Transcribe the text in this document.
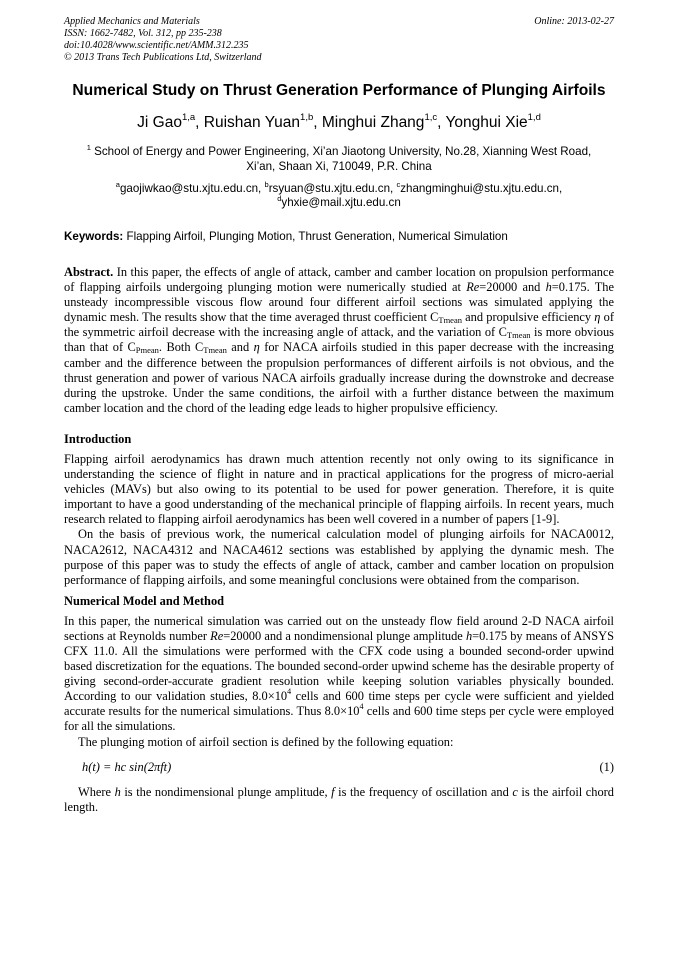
Applied Mechanics and Materials	Online: 2013-02-27
ISSN: 1662-7482, Vol. 312, pp 235-238
doi:10.4028/www.scientific.net/AMM.312.235
© 2013 Trans Tech Publications Ltd, Switzerland
Numerical Study on Thrust Generation Performance of Plunging Airfoils
Ji Gao$^{1,a}$, Ruishan Yuan$^{1,b}$, Minghui Zhang$^{1,c}$, Yonghui Xie$^{1,d}$
$^1$ School of Energy and Power Engineering, Xi’an Jiaotong University, No.28, Xianning West Road,
Xi’an, Shaan Xi, 710049, P.R. China
$^a$gaojiwkao@stu.xjtu.edu.cn, $^b$rsyuan@stu.xjtu.edu.cn, $^c$zhangminghui@stu.xjtu.edu.cn,
$^d$yhxie@mail.xjtu.edu.cn
Keywords: Flapping Airfoil, Plunging Motion, Thrust Generation, Numerical Simulation

Abstract. In this paper, the effects of angle of attack, camber and camber location on propulsion performance of flapping airfoils undergoing plunging motion were numerically studied at Re=20000 and h=0.175. The unsteady incompressible viscous flow around four different airfoil sections was simulated applying the dynamic mesh. The results show that the time averaged thrust coefficient $C_{Tmean}$ and propulsive efficiency η of the symmetric airfoil decrease with the increasing angle of attack, and the variation of $C_{Tmean}$ is more obvious than that of $C_{Pmean}$. Both $C_{Tmean}$ and η for NACA airfoils studied in this paper decrease with the increasing camber and the difference between the propulsion performances of different airfoils is not obvious, and the thrust generation and power of various NACA airfoils gradually increase during the downstroke and decrease during the upstroke. Under the same conditions, the airfoil with a further distance between the maximum camber location and the chord of the leading edge leads to higher propulsive efficiency.

Introduction

Flapping airfoil aerodynamics has drawn much attention recently not only owing to its significance in understanding the science of flight in nature and in practical applications for the progress of micro-aerial vehicles (MAVs) but also owing to its potential to be used for power generation. Therefore, it is quite important to have a good understanding of the mechanical principle of flapping airfoils. In recent years, much research related to flapping airfoil aerodynamics has been well covered in a number of papers [1-9].

On the basis of previous work, the numerical calculation model of plunging airfoils for NACA0012, NACA2612, NACA4312 and NACA4612 sections was established by applying the dynamic mesh. The purpose of this paper was to study the effects of angle of attack, camber and camber location on propulsion performance of flapping airfoils, and some meaningful conclusions were obtained from the comparison.

Numerical Model and Method

In this paper, the numerical simulation was carried out on the unsteady flow field around 2-D NACA airfoil sections at Reynolds number Re=20000 and a nondimensional plunge amplitude h=0.175 by means of ANSYS CFX 11.0. All the simulations were performed with the CFX code using a bounded second-order upwind based discretization for the equations. The bounded second-order upwind scheme has the desirable property of giving second-order-accurate gradient resolution while keeping solution variables physically bounded. According to our validation studies, $8.0\times 10^4$ cells and 600 time steps per cycle were sufficient and yielded accurate results for the numerical simulations. Thus $8.0\times 10^4$ cells and 600 time steps per cycle were employed for all the simulations.

The plunging motion of airfoil section is defined by the following equation:

h(t) = hc sin(2πft)	(1)

Where h is the nondimensional plunge amplitude, f is the frequency of oscillation and c is the airfoil chord length.
